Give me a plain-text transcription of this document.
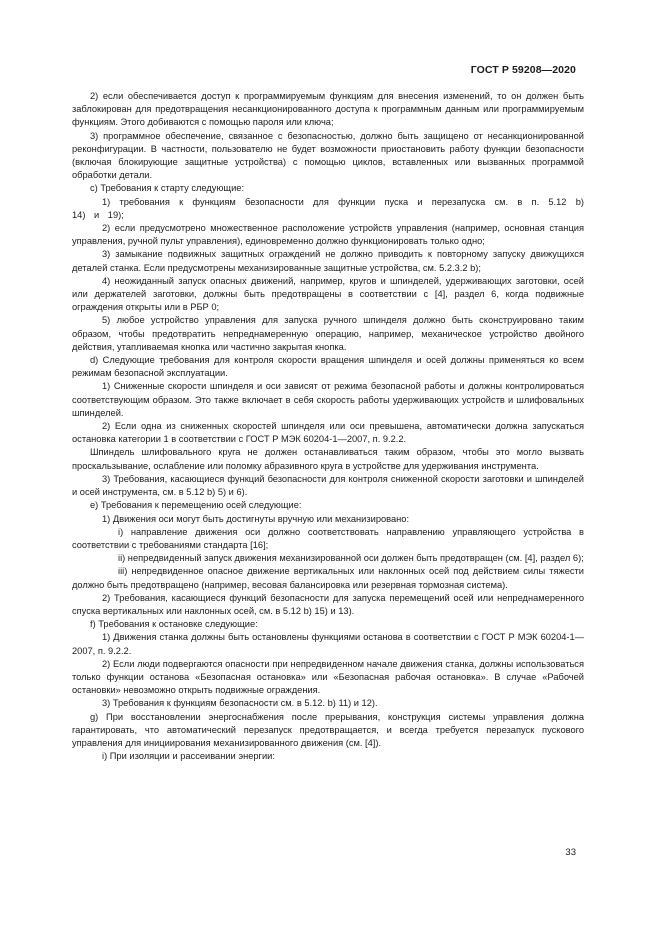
ГОСТ Р 59208—2020

2) если обеспечивается доступ к программируемым функциям для внесения изменений, то он должен быть заблокирован для предотвращения несанкционированного доступа к программным данным или программируемым функциям. Этого добиваются с помощью пароля или ключа;

3) программное обеспечение, связанное с безопасностью, должно быть защищено от несанкционированной реконфигурации. В частности, пользователю не будет возможности приостановить работу функции безопасности (включая блокирующие защитные устройства) с помощью циклов, вставленных или вызванных программой обработки детали.

c) Требования к старту следующие:

1) требования к функциям безопасности для функции пуска и перезапуска см. в п. 5.12 b) 14) и 19);

2) если предусмотрено множественное расположение устройств управления (например, основная станция управления, ручной пульт управления), единовременно должно функционировать только одно;

3) замыкание подвижных защитных ограждений не должно приводить к повторному запуску движущихся деталей станка. Если предусмотрены механизированные защитные устройства, см. 5.2.3.2 b);

4) неожиданный запуск опасных движений, например, кругов и шпинделей, удерживающих заготовки, осей или держателей заготовки, должны быть предотвращены в соответствии с [4], раздел 6, когда подвижные ограждения открыты или в РБР 0;

5) любое устройство управления для запуска ручного шпинделя должно быть сконструировано таким образом, чтобы предотвратить непреднамеренную операцию, например, механическое устройство двойного действия, утапливаемая кнопка или частично закрытая кнопка.

d) Следующие требования для контроля скорости вращения шпинделя и осей должны применяться ко всем режимам безопасной эксплуатации.

1) Сниженные скорости шпинделя и оси зависят от режима безопасной работы и должны контролироваться соответствующим образом. Это также включает в себя скорость работы удерживающих устройств и шлифовальных шпинделей.

2) Если одна из сниженных скоростей шпинделя или оси превышена, автоматически должна запускаться остановка категории 1 в соответствии с ГОСТ Р МЭК 60204-1—2007, п. 9.2.2.

Шпиндель шлифовального круга не должен останавливаться таким образом, чтобы это могло вызвать проскальзывание, ослабление или поломку абразивного круга в устройстве для удерживания инструмента.

3) Требования, касающиеся функций безопасности для контроля сниженной скорости заготовки и шпинделей и осей инструмента, см. в 5.12 b) 5) и 6).

e) Требования к перемещению осей следующие:

1) Движения оси могут быть достигнуты вручную или механизировано:

i) направление движения оси должно соответствовать направлению управляющего устройства в соответствии с требованиями стандарта [16];

ii) непредвиденный запуск движения механизированной оси должен быть предотвращен (см. [4], раздел 6);

iii) непредвиденное опасное движение вертикальных или наклонных осей под действием силы тяжести должно быть предотвращено (например, весовая балансировка или резервная тормозная система).

2) Требования, касающиеся функций безопасности для запуска перемещений осей или непреднамеренного спуска вертикальных или наклонных осей, см. в 5.12 b) 15) и 13).

f) Требования к остановке следующие:

1) Движения станка должны быть остановлены функциями останова в соответствии с ГОСТ Р МЭК 60204-1—2007, п. 9.2.2.

2) Если люди подвергаются опасности при непредвиденном начале движения станка, должны использоваться только функции останова «Безопасная остановка» или «Безопасная рабочая остановка». В случае «Рабочей остановки» невозможно открыть подвижные ограждения.

3) Требования к функциям безопасности см. в 5.12. b) 11) и 12).

g) При восстановлении энергоснабжения после прерывания, конструкция системы управления должна гарантировать, что автоматический перезапуск предотвращается, и всегда требуется перезапуск пускового управления для инициирования механизированного движения (см. [4]).

i) При изоляции и рассеивании энергии:

33
